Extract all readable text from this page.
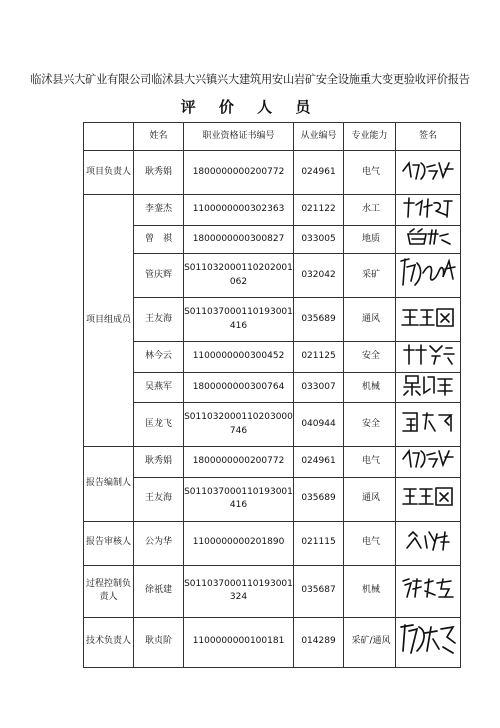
临沭县兴大矿业有限公司临沭县大兴镇兴大建筑用安山岩矿安全设施重大变更验收评价报告
评 价 人 员
	姓名	职业资格证书编号	从业编号	专业能力	签名
项目负责人	耿秀娟	1800000000200772	024961	电气	
项目组成员	李銮杰	1100000000302363	021122	水工	
	曾　祺	1800000000300827	033005	地质	
	管庆辉	S011032000110202001062	032042	采矿	
	王友海	S011037000110193001416	035689	通风	
	林今云	1100000000300452	021125	安全	
	吴燕军	1800000000300764	033007	机械	
	匡龙飞	S011032000110203000746	040944	安全	
报告编制人	耿秀娟	1800000000200772	024961	电气	
	王友海	S011037000110193001416	035689	通风	
报告审核人	公为华	1100000000201890	021115	电气	
过程控制负责人	徐祇建	S011037000110193001324	035687	机械	
技术负责人	耿贞阶	1100000000100181	014289	采矿/通风	
